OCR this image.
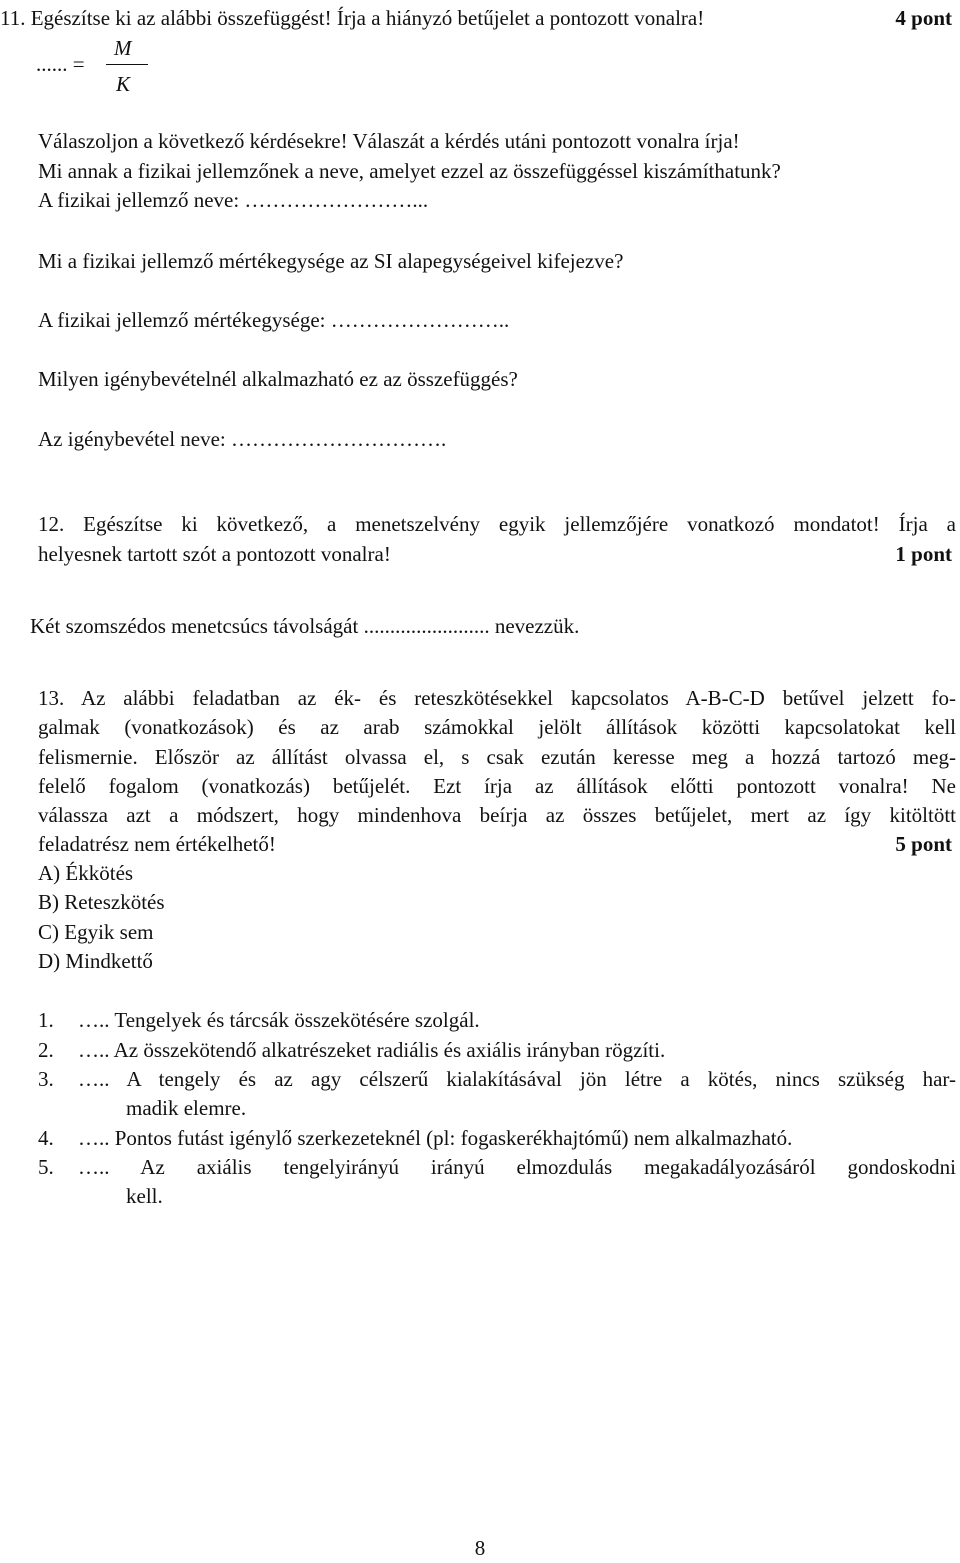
11. Egészítse ki az alábbi összefüggést! Írja a hiányzó betűjelet a pontozott vonalra!	4 pont
...... =
M
K
Válaszoljon a következő kérdésekre! Válaszát a kérdés utáni pontozott vonalra írja!
Mi annak a fizikai jellemzőnek a neve, amelyet ezzel az összefüggéssel kiszámíthatunk?
A fizikai jellemző neve: ……………………...
Mi a fizikai jellemző mértékegysége az SI alapegységeivel kifejezve?
A fizikai jellemző mértékegysége: ……………………..
Milyen igénybevételnél alkalmazható ez az összefüggés?
Az igénybevétel neve: ………………………….
12. Egészítse ki következő, a menetszelvény egyik jellemzőjére vonatkozó mondatot! Írja a
helyesnek tartott szót a pontozott vonalra!	1 pont
Két szomszédos menetcsúcs távolságát ........................ nevezzük.
13. Az alábbi feladatban az ék- és reteszkötésekkel kapcsolatos A-B-C-D betűvel jelzett fo-
galmak (vonatkozások) és az arab számokkal jelölt állítások közötti kapcsolatokat kell
felismernie. Először az állítást olvassa el, s csak ezután keresse meg a hozzá tartozó meg-
felelő fogalom (vonatkozás) betűjelét. Ezt írja az állítások előtti pontozott vonalra! Ne
válassza azt a módszert, hogy mindenhova beírja az összes betűjelet, mert az így kitöltött
feladatrész nem értékelhető!	5 pont
A) Ékkötés
B) Reteszkötés
C) Egyik sem
D) Mindkettő
1. ….. Tengelyek és tárcsák összekötésére szolgál.
2. ….. Az összekötendő alkatrészeket radiális és axiális irányban rögzíti.
3. ….. A tengely és az agy célszerű kialakításával jön létre a kötés, nincs szükség har-
madik elemre.
4. ….. Pontos futást igénylő szerkezeteknél (pl: fogaskerékhajtómű) nem alkalmazható.
5. ….. Az axiális tengelyirányú irányú elmozdulás megakadályozásáról gondoskodni
kell.
8
